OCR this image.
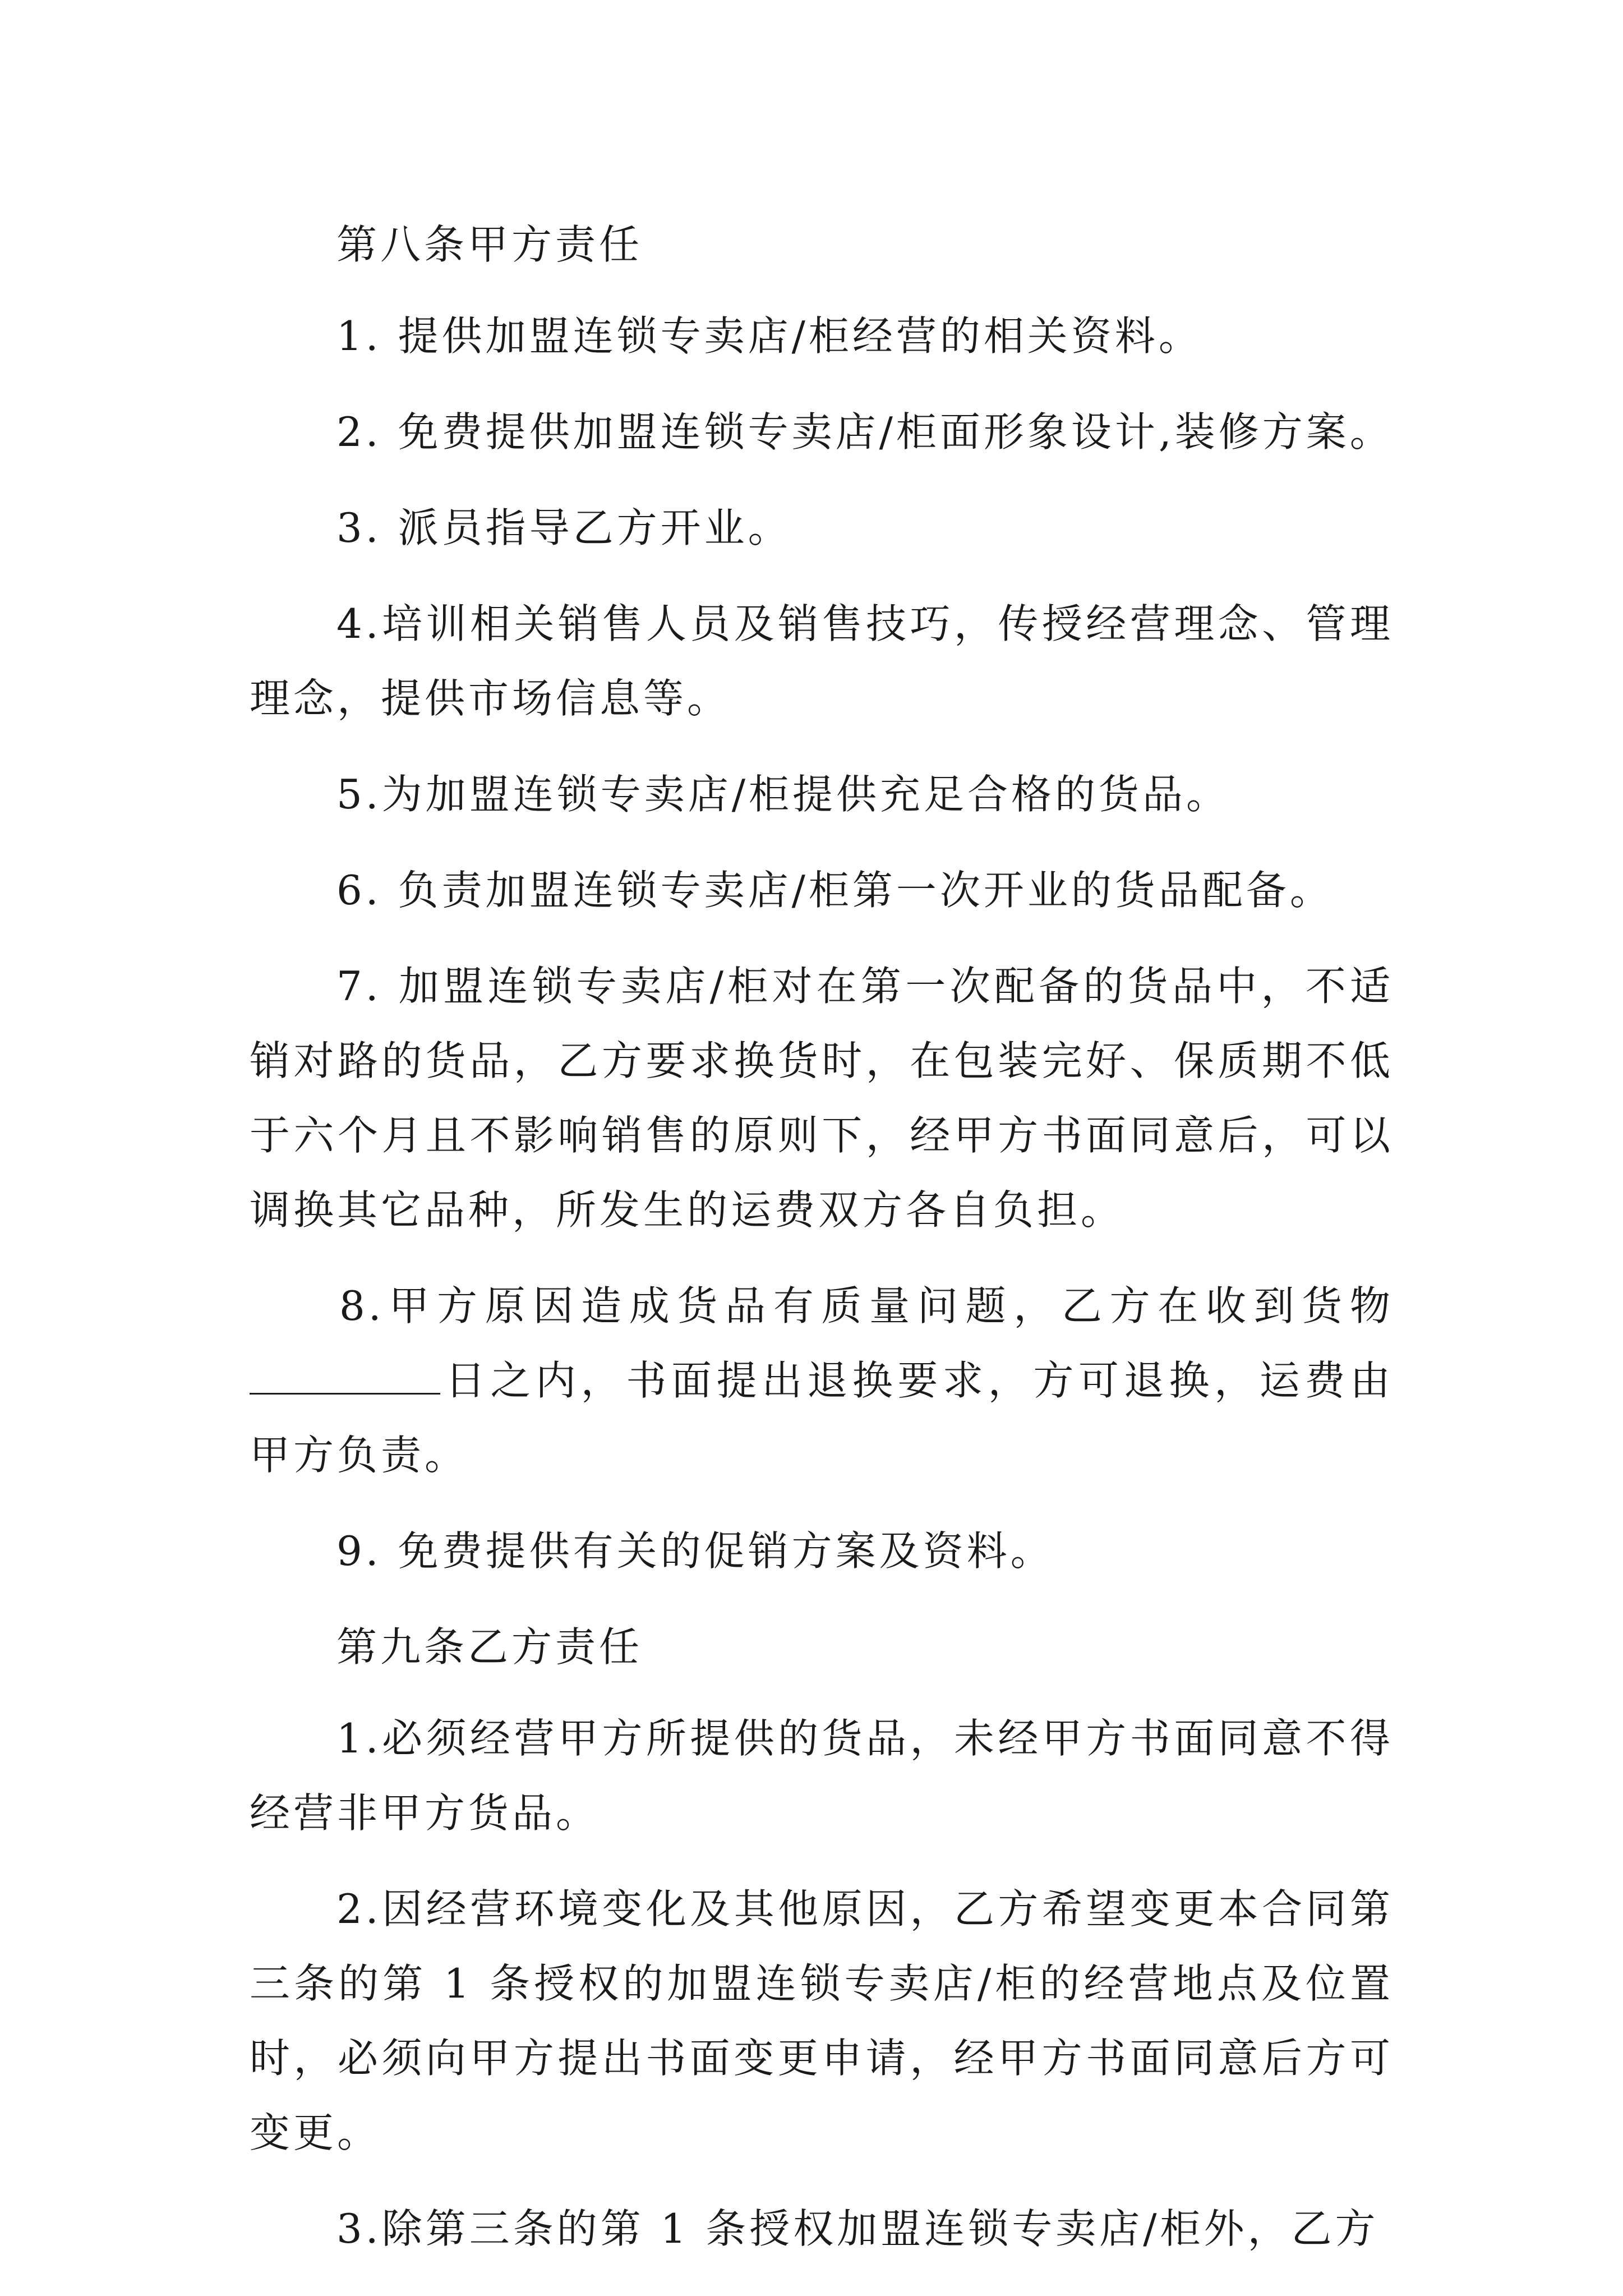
第八条甲方责任

1. 提供加盟连锁专卖店/柜经营的相关资料。

2. 免费提供加盟连锁专卖店/柜面形象设计,装修方案。

3. 派员指导乙方开业。

4.培训相关销售人员及销售技巧，传授经营理念、管理理念，提供市场信息等。

5.为加盟连锁专卖店/柜提供充足合格的货品。

6. 负责加盟连锁专卖店/柜第一次开业的货品配备。

7. 加盟连锁专卖店/柜对在第一次配备的货品中，不适销对路的货品，乙方要求换货时，在包装完好、保质期不低于六个月且不影响销售的原则下，经甲方书面同意后，可以调换其它品种，所发生的运费双方各自负担。

8.甲方原因造成货品有质量问题，乙方在收到货物日之内，书面提出退换要求，方可退换，运费由甲方负责。

9. 免费提供有关的促销方案及资料。

第九条乙方责任

1.必须经营甲方所提供的货品，未经甲方书面同意不得经营非甲方货品。

2.因经营环境变化及其他原因，乙方希望变更本合同第三条的第 1 条授权的加盟连锁专卖店/柜的经营地点及位置时，必须向甲方提出书面变更申请，经甲方书面同意后方可变更。

3.除第三条的第 1 条授权加盟连锁专卖店/柜外，乙方
